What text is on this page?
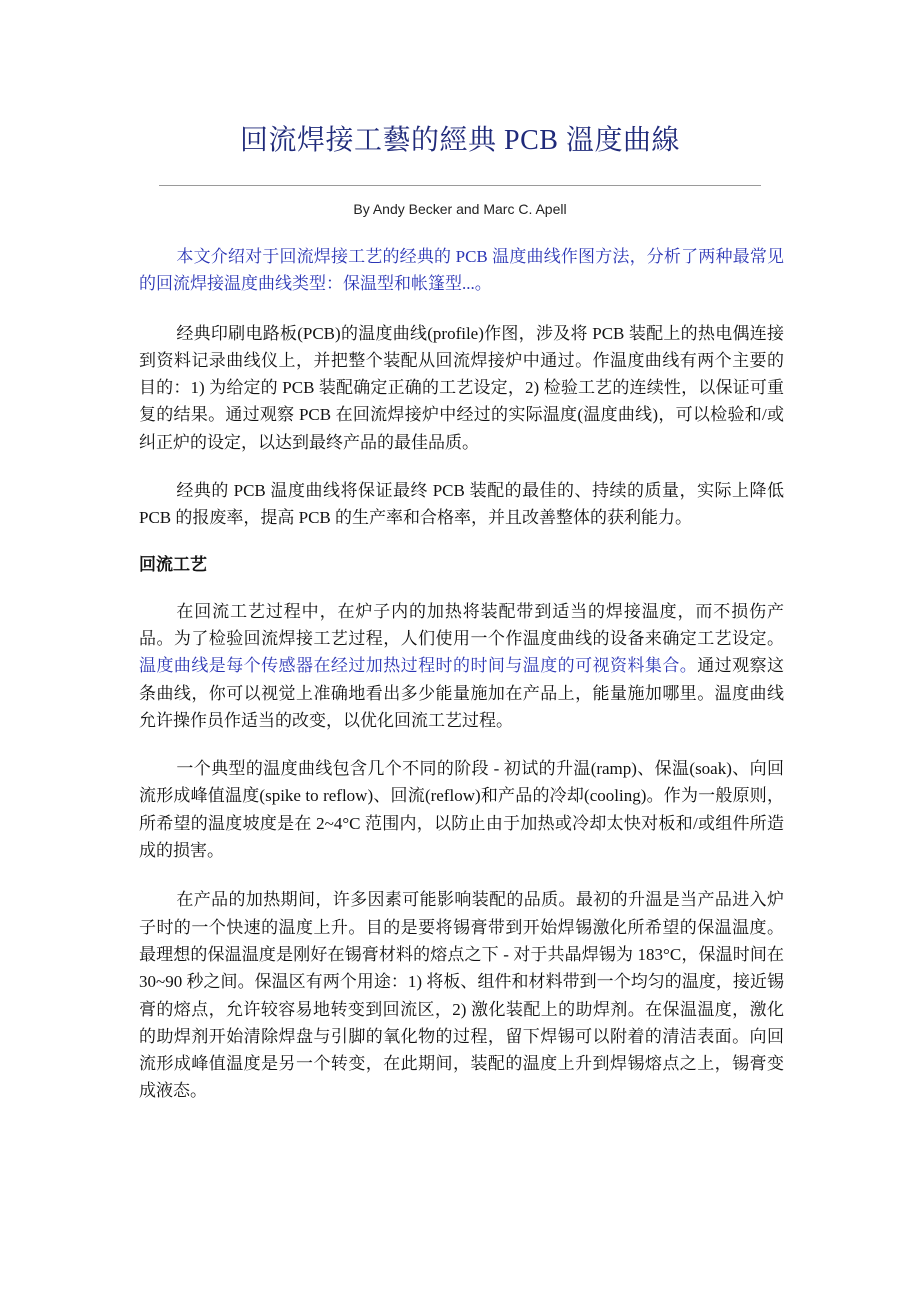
回流焊接工藝的經典 PCB 溫度曲線
By Andy Becker and Marc C. Apell

本文介绍对于回流焊接工艺的经典的 PCB 温度曲线作图方法，分析了两种最常见的回流焊接温度曲线类型：保温型和帐篷型...。

经典印刷电路板(PCB)的温度曲线(profile)作图，涉及将 PCB 装配上的热电偶连接到资料记录曲线仪上，并把整个装配从回流焊接炉中通过。作温度曲线有两个主要的目的：1) 为给定的 PCB 装配确定正确的工艺设定，2) 检验工艺的连续性，以保证可重复的结果。通过观察 PCB 在回流焊接炉中经过的实际温度(温度曲线)，可以检验和/或纠正炉的设定，以达到最终产品的最佳品质。

经典的 PCB 温度曲线将保证最终 PCB 装配的最佳的、持续的质量，实际上降低 PCB 的报废率，提高 PCB 的生产率和合格率，并且改善整体的获利能力。

回流工艺

在回流工艺过程中，在炉子内的加热将装配带到适当的焊接温度，而不损伤产品。为了检验回流焊接工艺过程，人们使用一个作温度曲线的设备来确定工艺设定。温度曲线是每个传感器在经过加热过程时的时间与温度的可视资料集合。通过观察这条曲线，你可以视觉上准确地看出多少能量施加在产品上，能量施加哪里。温度曲线允许操作员作适当的改变，以优化回流工艺过程。

一个典型的温度曲线包含几个不同的阶段 - 初试的升温(ramp)、保温(soak)、向回流形成峰值温度(spike to reflow)、回流(reflow)和产品的冷却(cooling)。作为一般原则，所希望的温度坡度是在 2~4°C 范围内，以防止由于加热或冷却太快对板和/或组件所造成的损害。

在产品的加热期间，许多因素可能影响装配的品质。最初的升温是当产品进入炉子时的一个快速的温度上升。目的是要将锡膏带到开始焊锡激化所希望的保温温度。最理想的保温温度是刚好在锡膏材料的熔点之下 - 对于共晶焊锡为 183°C，保温时间在 30~90 秒之间。保温区有两个用途：1) 将板、组件和材料带到一个均匀的温度，接近锡膏的熔点，允许较容易地转变到回流区，2) 激化装配上的助焊剂。在保温温度，激化的助焊剂开始清除焊盘与引脚的氧化物的过程，留下焊锡可以附着的清洁表面。向回流形成峰值温度是另一个转变，在此期间，装配的温度上升到焊锡熔点之上，锡膏变成液态。
